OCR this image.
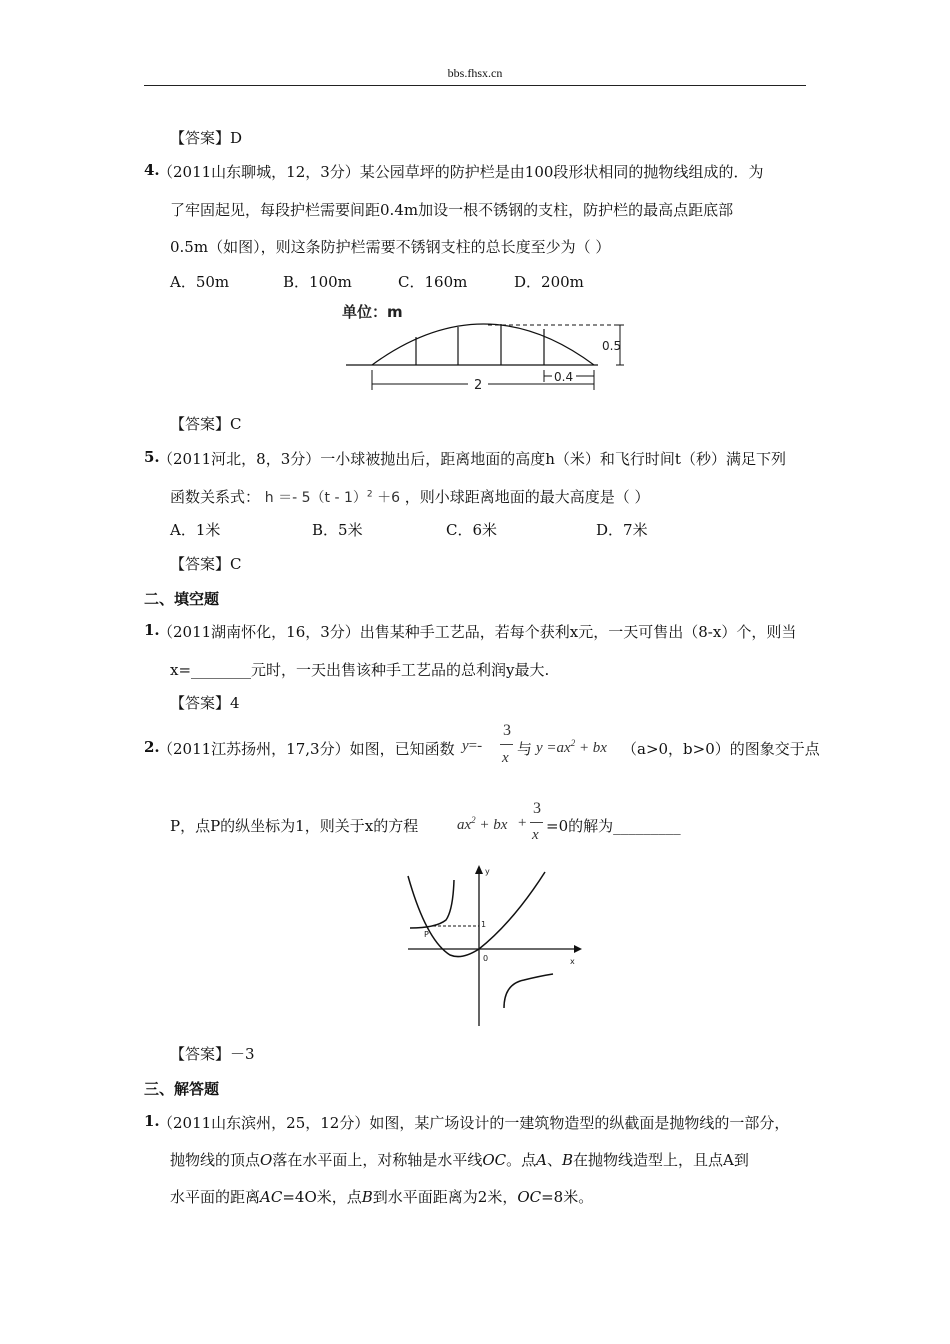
bbs.fhsx.cn
【答案】D
4.
（2011山东聊城，12，3分）某公园草坪的防护栏是由100段形状相同的抛物线组成的．为
了牢固起见，每段护栏需要间距0.4m加设一根不锈钢的支柱，防护栏的最高点距底部
0.5m（如图），则这条防护栏需要不锈钢支柱的总长度至少为（ ）
A．50m	B．100m	C．160m	D．200m
单位：m
0.5
2
0.4
【答案】C
5.
（2011河北，8，3分）一小球被抛出后，距离地面的高度h（米）和飞行时间t（秒）满足下列
函数关系式： h ＝- 5（t - 1）$^2$ ＋6 ，则小球距离地面的最大高度是（ ）
A．1米	B．5米	C．6米	D．7米
【答案】C
二、填空题
1.
（2011湖南怀化，16，3分）出售某种手工艺品，若每个获利x元，一天可售出（8-x）个，则当
x=________元时，一天出售该种手工艺品的总利润y最大.
【答案】4
2.
（2011江苏扬州，17,3分）如图，已知函数 y=-
3
x 与 $y =ax^2$ + bx （a>0，b>0）的图象交于点
P，点P的纵坐标为1，则关于x的方程	$ax^2$ + bx +
3
x =0的解为_________
y
x
0
1
P
【答案】－3
三、解答题
1.
（2011山东滨州，25，12分）如图，某广场设计的一建筑物造型的纵截面是抛物线的一部分，
抛物线的顶点O落在水平面上，对称轴是水平线OC。点A、B在抛物线造型上，且点A到
水平面的距离AC=4O米，点B到水平面距离为2米，OC=8米。
